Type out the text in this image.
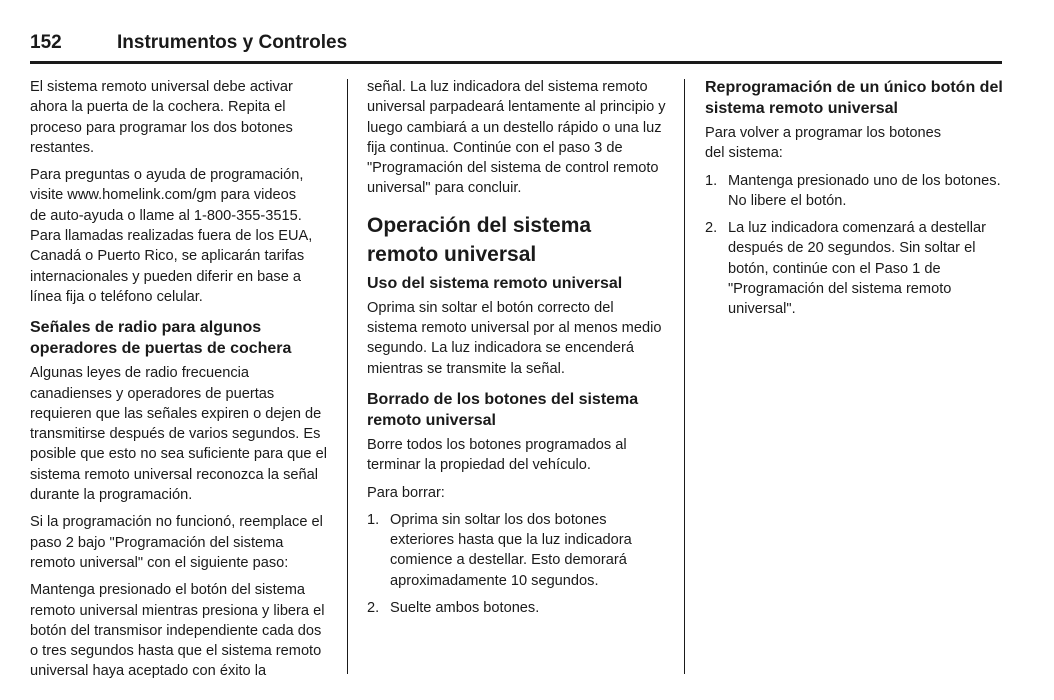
152	Instrumentos y Controles

El sistema remoto universal debe activar ahora la puerta de la cochera. Repita el proceso para programar los dos botones restantes.

Para preguntas o ayuda de programación,
visite www.homelink.com/gm para videos
de auto-ayuda o llame al 1-800-355-3515.
Para llamadas realizadas fuera de los EUA, Canadá o Puerto Rico, se aplicarán tarifas internacionales y pueden diferir en base a línea fija o teléfono celular.

Señales de radio para algunos operadores de puertas de cochera

Algunas leyes de radio frecuencia canadienses y operadores de puertas requieren que las señales expiren o dejen de transmitirse después de varios segundos. Es posible que esto no sea suficiente para que el sistema remoto universal reconozca la señal durante la programación.

Si la programación no funcionó, reemplace el paso 2 bajo "Programación del sistema remoto universal" con el siguiente paso:

Mantenga presionado el botón del sistema remoto universal mientras presiona y libera el botón del transmisor independiente cada dos o tres segundos hasta que el sistema remoto universal haya aceptado con éxito la

señal. La luz indicadora del sistema remoto universal parpadeará lentamente al principio y luego cambiará a un destello rápido o una luz fija continua. Continúe con el paso 3 de "Programación del sistema de control remoto universal" para concluir.

Operación del sistema remoto universal
Uso del sistema remoto universal

Oprima sin soltar el botón correcto del sistema remoto universal por al menos medio segundo. La luz indicadora se encenderá mientras se transmite la señal.

Borrado de los botones del sistema remoto universal

Borre todos los botones programados al terminar la propiedad del vehículo.

Para borrar:

1. Oprima sin soltar los dos botones exteriores hasta que la luz indicadora comience a destellar. Esto demorará aproximadamente 10 segundos.
2. Suelte ambos botones.
Reprogramación de un único botón del sistema remoto universal

Para volver a programar los botones
del sistema:

1. Mantenga presionado uno de los botones. No libere el botón.
2. La luz indicadora comenzará a destellar después de 20 segundos. Sin soltar el botón, continúe con el Paso 1 de "Programación del sistema remoto universal".
